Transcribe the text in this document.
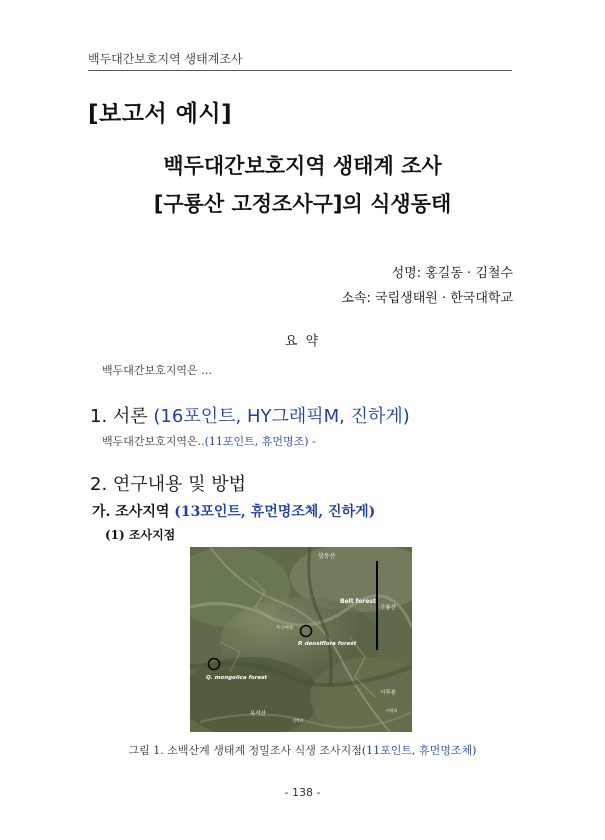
백두대간보호지역 생태계조사
[보고서 예시]
백두대간보호지역 생태계 조사
[구룡산 고정조사구]의 식생동태
성명: 홍길동 · 김철수
소속: 국립생태원 · 한국대학교
요 약
백두대간보호지역은 …
1. 서론 (16포인트, HY그래픽M, 진하게)
백두대간보호지역은..(11포인트, 휴먼명조) -
2. 연구내용 및 방법
가. 조사지역 (13포인트, 휴먼명조체, 진하게)
(1) 조사지점
삼동산
Belt forest
구룡산
두구마을
P. densiflora forest
Q. mongolica forest
시루봉
옥석산
석벽리
어평리
그림 1. 소백산계 생태계 정밀조사 식생 조사지점(11포인트, 휴먼명조체)
- 138 -
